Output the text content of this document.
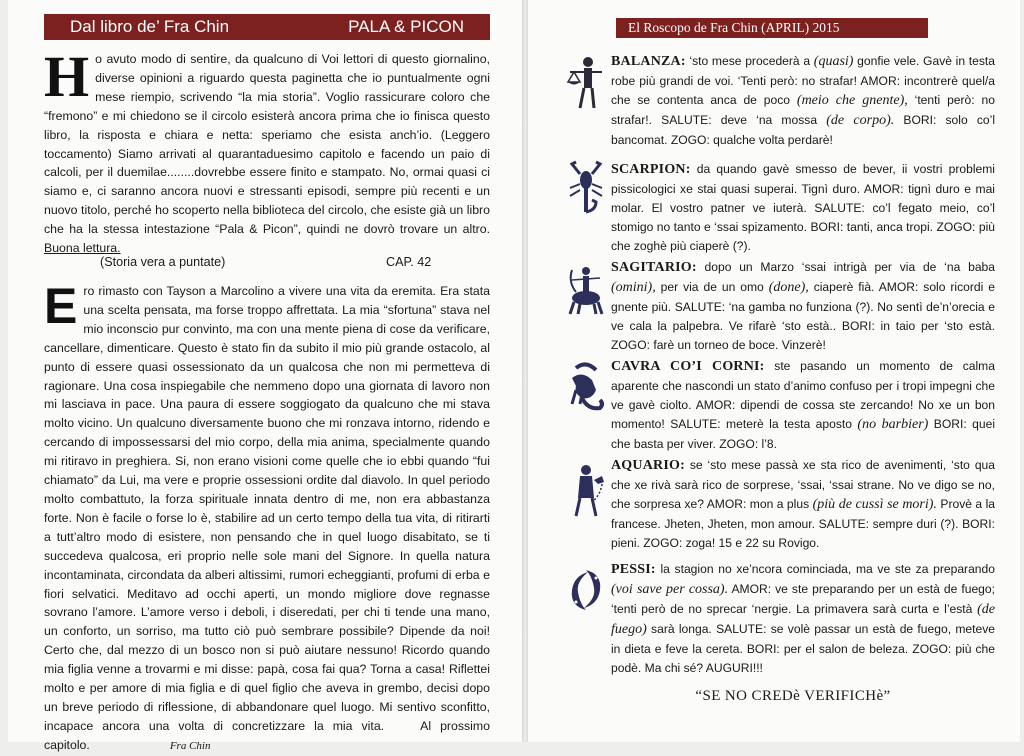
Dal libro de’ Fra Chin	PALA & PICON
Ho avuto modo di sentire, da qualcuno di Voi lettori di questo giornalino, diverse opinioni a riguardo questa paginetta che io puntualmente ogni mese riempio, scrivendo “la mia storia”. Voglio rassicurare coloro che “fremono” e mi chiedono se il circolo esisterà ancora prima che io finisca questo libro, la risposta e chiara e netta: speriamo che esista anch’io. (Leggero toccamento) Siamo arrivati al quarantaduesimo capitolo e facendo un paio di calcoli, per il duemilae........dovrebbe essere finito e stampato. No, ormai quasi ci siamo e, ci saranno ancora nuovi e stressanti episodi, sempre più recenti e un nuovo titolo, perché ho scoperto nella biblioteca del circolo, che esiste già un libro che ha la stessa intestazione “Pala & Picon”, quindi ne dovrò trovare un altro. Buona lettura.
(Storia vera a puntate)	CAP. 42
Ero rimasto con Tayson a Marcolino a vivere una vita da eremita. Era stata una scelta pensata, ma forse troppo affrettata. La mia “sfortuna” stava nel mio inconscio pur convinto, ma con una mente piena di cose da verificare, cancellare, dimenticare. Questo è stato fin da subito il mio più grande ostacolo, al punto di essere quasi ossessionato da un qualcosa che non mi permetteva di ragionare. Una cosa inspiegabile che nemmeno dopo una giornata di lavoro non mi lasciava in pace. Una paura di essere soggiogato da qualcuno che mi stava molto vicino. Un qualcuno diversamente buono che mi ronzava intorno, ridendo e cercando di impossessarsi del mio corpo, della mia anima, specialmente quando mi ritiravo in preghiera. Si, non erano visioni come quelle che io ebbi quando “fui chiamato” da Lui, ma vere e proprie ossessioni ordite dal diavolo. In quel periodo molto combattuto, la forza spirituale innata dentro di me, non era abbastanza forte. Non è facile o forse lo è, stabilire ad un certo tempo della tua vita, di ritirarti a tutt’altro modo di esistere, non pensando che in quel luogo disabitato, se ti succedeva qualcosa, eri proprio nelle sole mani del Signore. In quella natura incontaminata, circondata da alberi altissimi, rumori echeggianti, profumi di erba e fiori selvatici. Meditavo ad occhi aperti, un mondo migliore dove regnasse sovrano l’amore. L’amore verso i deboli, i diseredati, per chi ti tende una mano, un conforto, un sorriso, ma tutto ciò può sembrare possibile? Dipende da noi! Certo che, dal mezzo di un bosco non si può aiutare nessuno! Ricordo quando mia figlia venne a trovarmi e mi disse: papà, cosa fai qua? Torna a casa! Riflettei molto e per amore di mia figlia e di quel figlio che aveva in grembo, decisi dopo un breve periodo di riflessione, di abbandonare quel luogo. Mi sentivo sconfitto, incapace ancora una volta di concretizzare la mia vita.	Al prossimo capitolo.	Fra Chin
El Roscopo de Fra Chin (APRIL) 2015
BALANZA: ‘sto mese procederà a (quasi) gonfie vele. Gavè in testa robe più grandi de voi. ‘Tenti però: no strafar! AMOR: incontrerè quel/a che se contenta anca de poco (meio che gnente), ‘tenti però: no strafar!. SALUTE: deve ‘na mossa (de corpo). BORI: solo co’l bancomat. ZOGO: qualche volta perdarè!
SCARPION: da quando gavè smesso de bever, ii vostri problemi pissicologici xe stai quasi superai. Tignì duro. AMOR: tignì duro e mai molar. El vostro patner ve iuterà. SALUTE: co’l fegato meio, co’l stomigo no tanto e ‘ssai spizamento. BORI: tanti, anca tropi. ZOGO: più che zoghè più ciaperè (?).
SAGITARIO: dopo un Marzo ‘ssai intrigà per via de ‘na baba (omini), per via de un omo (done), ciaperè fià. AMOR: solo ricordi e gnente più. SALUTE: ‘na gamba no funziona (?). No sentì de’n’orecia e ve cala la palpebra. Ve rifarè ‘sto està.. BORI: in taio per ‘sto està. ZOGO: farè un torneo de boce. Vinzerè!
CAVRA CO’I CORNI: ste pasando un momento de calma aparente che nascondi un stato d’animo confuso per i tropi impegni che ve gavè ciolto. AMOR: dipendi de cossa ste zercando! No xe un bon momento! SALUTE: meterè la testa aposto (no barbier) BORI: quei che basta per viver. ZOGO: l’8.
AQUARIO: se ‘sto mese passà xe sta rico de avenimenti, ‘sto qua che xe rivà sarà rico de sorprese, ‘ssai, ‘ssai strane. No ve digo se no, che sorpresa xe? AMOR: mon a plus (più de cussì se mori). Provè a la francese. Jheten, Jheten, mon amour. SALUTE: sempre duri (?). BORI: pieni. ZOGO: zoga! 15 e 22 su Rovigo.
PESSI: la stagion no xe’ncora cominciada, ma ve ste za preparando (voi save per cossa). AMOR: ve ste preparando per un està de fuego; ‘tenti però de no sprecar ‘nergie. La primavera sarà curta e l’està (de fuego) sarà longa. SALUTE: se volè passar un està de fuego, meteve in dieta e feve la cereta. BORI: per el salon de beleza. ZOGO: più che podè. Ma chi sé? AUGURI!!!
“SE NO CREDè VERIFICHè”
